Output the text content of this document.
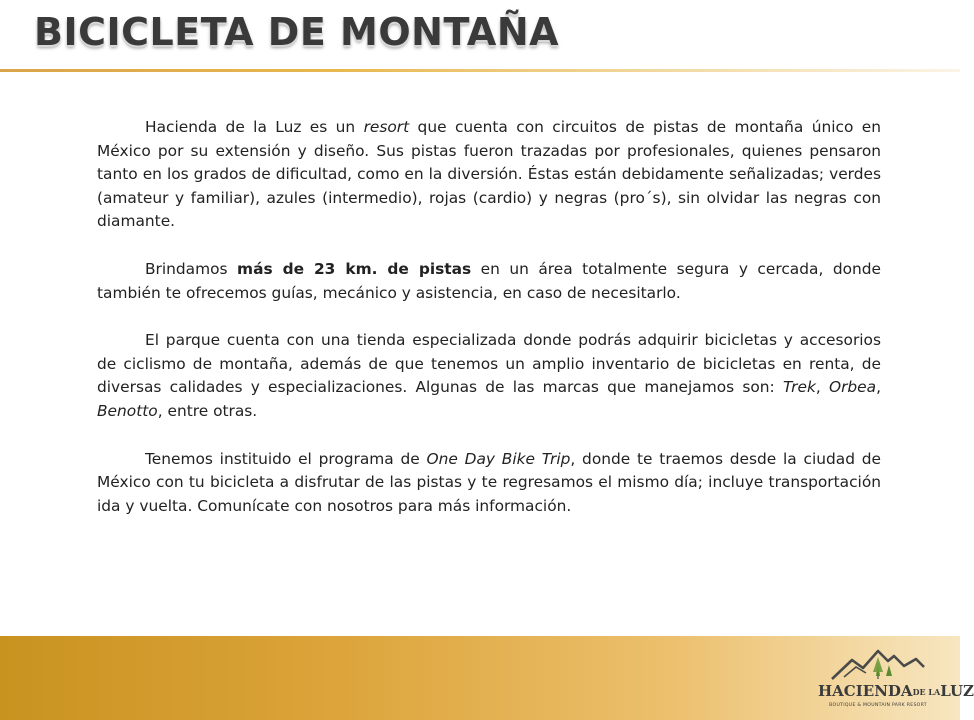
BICICLETA DE MONTAÑA

Hacienda de la Luz es un resort que cuenta con circuitos de pistas de montaña único en México por su extensión y diseño. Sus pistas fueron trazadas por profesionales, quienes pensaron tanto en los grados de dificultad, como en la diversión. Éstas están debidamente señalizadas; verdes (amateur y familiar), azules (intermedio), rojas (cardio) y negras (pro´s), sin olvidar las negras con diamante.

Brindamos más de 23 km. de pistas en un área totalmente segura y cercada, donde también te ofrecemos guías, mecánico y asistencia, en caso de necesitarlo.

El parque cuenta con una tienda especializada donde podrás adquirir bicicletas y accesorios de ciclismo de montaña, además de que tenemos un amplio inventario de bicicletas en renta, de diversas calidades y especializaciones. Algunas de las marcas que manejamos son: Trek, Orbea, Benotto, entre otras.

Tenemos instituido el programa de One Day Bike Trip, donde te traemos desde la ciudad de México con tu bicicleta a disfrutar de las pistas y te regresamos el mismo día; incluye transportación ida y vuelta. Comunícate con nosotros para más información.

HACIENDADE LALUZ
BOUTIQUE & MOUNTAIN PARK RESORT
